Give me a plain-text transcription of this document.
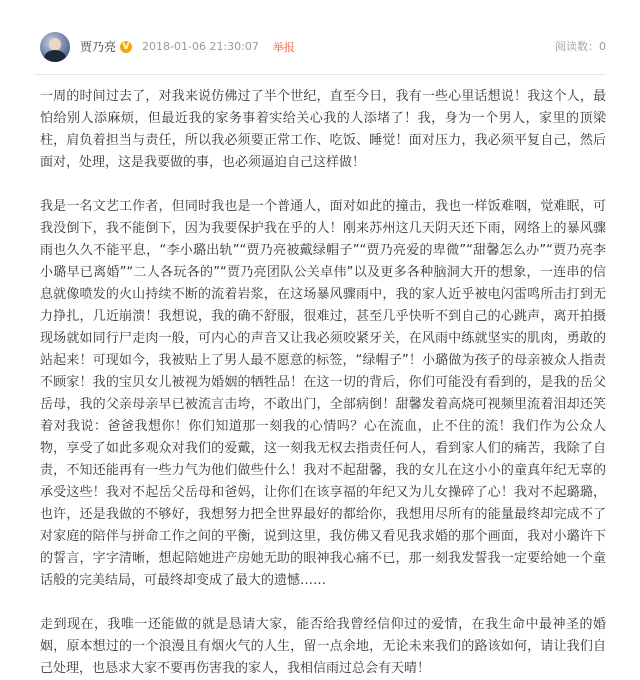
贾乃亮 V 2018-01-06 21:30:07 举报	阅读数：0

一周的时间过去了，对我来说仿佛过了半个世纪，直至今日，我有一些心里话想说！我这个人，最怕给别人添麻烦，但最近我的家务事着实给关心我的人添堵了！我，身为一个男人，家里的顶梁柱，肩负着担当与责任，所以我必须要正常工作、吃饭、睡觉！面对压力，我必须平复自己，然后面对，处理，这是我要做的事，也必须逼迫自己这样做！

我是一名文艺工作者，但同时我也是一个普通人，面对如此的撞击，我也一样饭难咽，觉难眠，可我没倒下，我不能倒下，因为我要保护我在乎的人！刚来苏州这几天阴天还下雨，网络上的暴风骤雨也久久不能平息，“李小璐出轨”“贾乃亮被戴绿帽子”“贾乃亮爱的卑微”“甜馨怎么办”“贾乃亮李小璐早已离婚”“二人各玩各的”“贾乃亮团队公关卓伟”以及更多各种脑洞大开的想象，一连串的信息就像喷发的火山持续不断的流着岩浆，在这场暴风骤雨中，我的家人近乎被电闪雷鸣所击打到无力挣扎，几近崩溃！我想说，我的确不舒服，很难过，甚至几乎快听不到自己的心跳声，离开拍摄现场就如同行尸走肉一般，可内心的声音又让我必须咬紧牙关，在风雨中练就坚实的肌肉，勇敢的站起来！可现如今，我被贴上了男人最不愿意的标签，“绿帽子”！小璐做为孩子的母亲被众人指责不顾家！我的宝贝女儿被视为婚姻的牺牲品！在这一切的背后，你们可能没有看到的，是我的岳父岳母，我的父亲母亲早已被流言击垮，不敢出门，全部病倒！甜馨发着高烧可视频里流着泪却还笑着对我说：爸爸我想你！你们知道那一刻我的心情吗？心在流血，止不住的流！我们作为公众人物，享受了如此多观众对我们的爱戴，这一刻我无权去指责任何人，看到家人们的痛苦，我除了自责，不知还能再有一些力气为他们做些什么！我对不起甜馨，我的女儿在这小小的童真年纪无辜的承受这些！我对不起岳父岳母和爸妈，让你们在该享福的年纪又为儿女操碎了心！我对不起璐璐，也许，还是我做的不够好，我想努力把全世界最好的都给你，我想用尽所有的能量最终却完成不了对家庭的陪伴与拼命工作之间的平衡，说到这里，我仿佛又看见我求婚的那个画面，我对小璐许下的誓言，字字清晰，想起陪她进产房她无助的眼神我心痛不已，那一刻我发誓我一定要给她一个童话般的完美结局，可最终却变成了最大的遗憾……

走到现在，我唯一还能做的就是恳请大家，能否给我曾经信仰过的爱情，在我生命中最神圣的婚姻，原本想过的一个浪漫且有烟火气的人生，留一点余地，无论未来我们的路该如何，请让我们自己处理，也恳求大家不要再伤害我的家人，我相信雨过总会有天晴！
